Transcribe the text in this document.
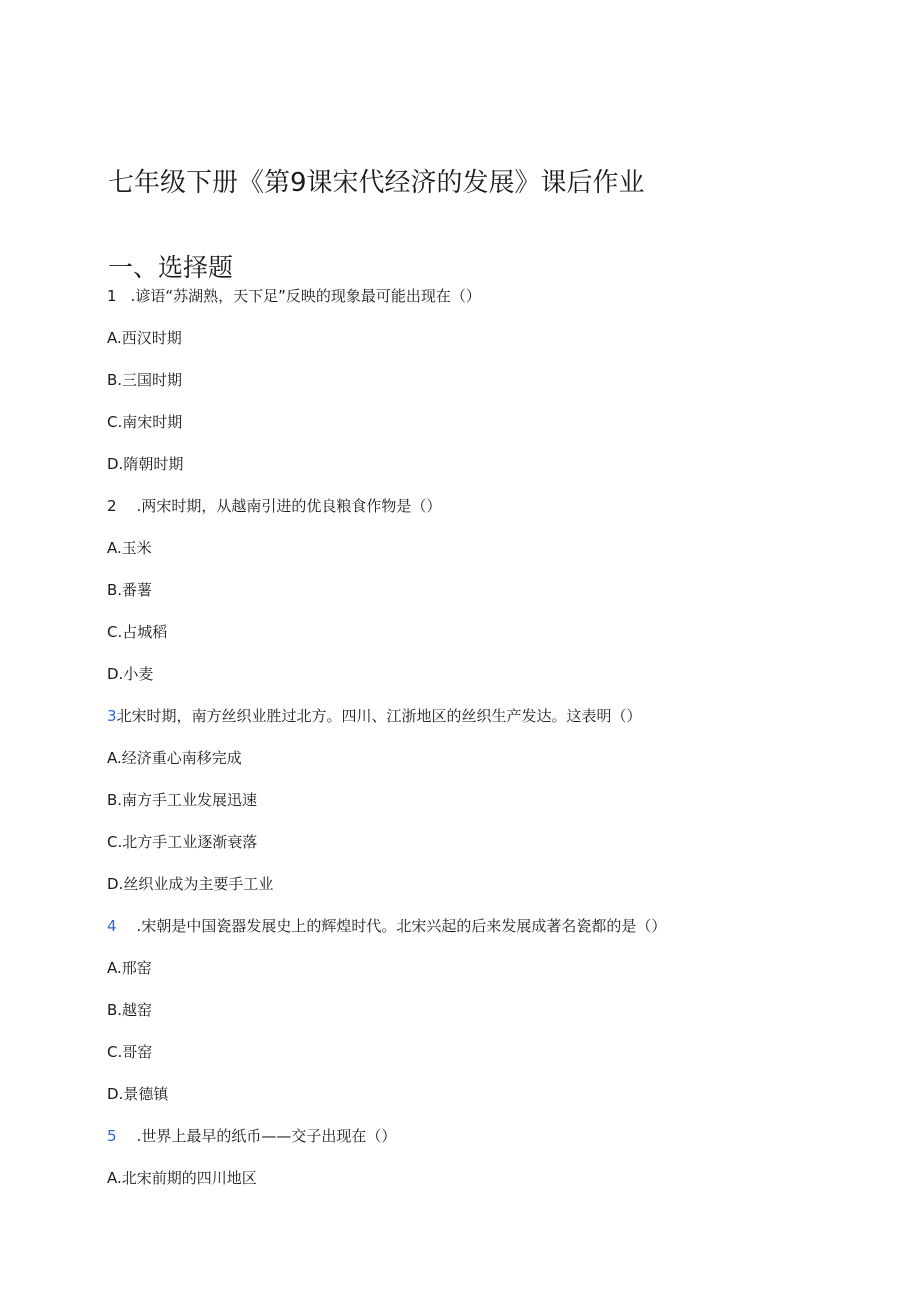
七年级下册《第9课宋代经济的发展》课后作业
一、选择题
1 .谚语“苏湖熟，天下足”反映的现象最可能出现在（）
A.西汉时期
B.三国时期
C.南宋时期
D.隋朝时期
2 .两宋时期，从越南引进的优良粮食作物是（）
A.玉米
B.番薯
C.占城稻
D.小麦
3北宋时期，南方丝织业胜过北方。四川、江浙地区的丝织生产发达。这表明（）
A.经济重心南移完成
B.南方手工业发展迅速
C.北方手工业逐渐衰落
D.丝织业成为主要手工业
4 .宋朝是中国瓷器发展史上的辉煌时代。北宋兴起的后来发展成著名瓷都的是（）
A.邢窑
B.越窑
C.哥窑
D.景德镇
5 .世界上最早的纸币——交子出现在（）
A.北宋前期的四川地区
